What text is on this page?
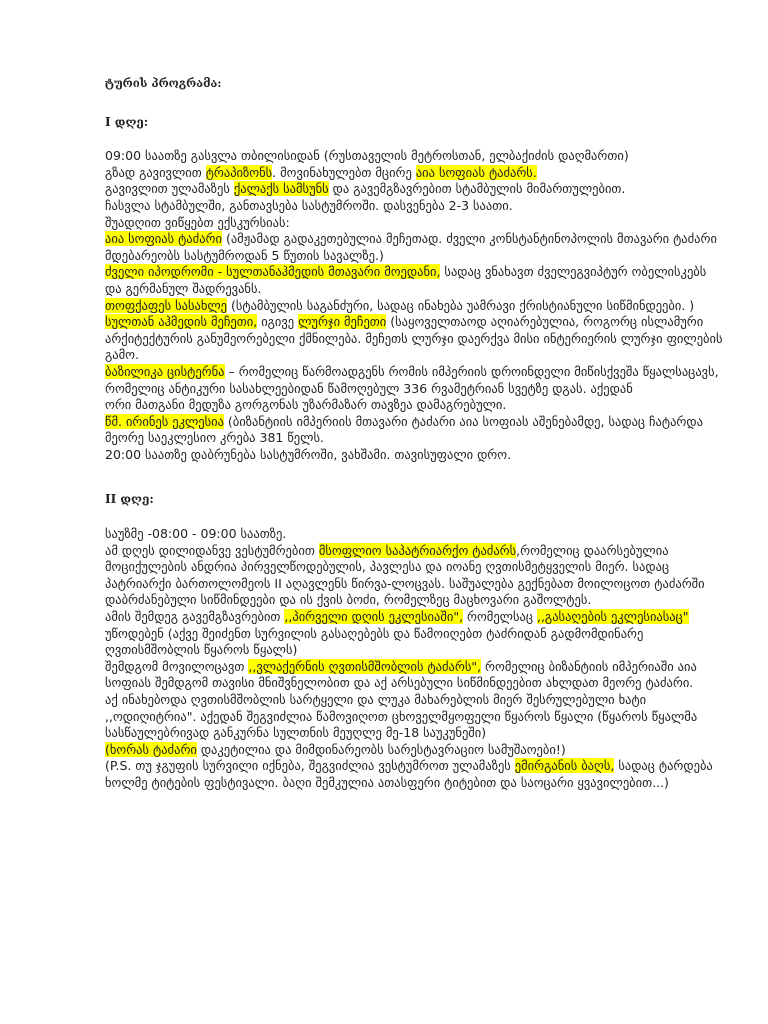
ტურის პროგრამა:
I დღე:
09:00 საათზე გასვლა თბილისიდან (რუსთაველის მეტროსთან, ელბაქიძის დაღმართი)
გზად გავივლით ტრაპიზონს. მოვინახულებთ მცირე აია სოფიას ტაძარს.
გავივლით ულამაზეს ქალაქს სამსუნს და გავემგზავრებით სტამბულის მიმართულებით.
ჩასვლა სტამბულში, განთავსება სასტუმროში. დასვენება 2-3 საათი.
შუადღით ვიწყებთ ექსკურსიას:
აია სოფიას ტაძარი (ამჟამად გადაკეთებულია მეჩეთად. ძველი კონსტანტინოპოლის მთავარი ტაძარი მდებარეობს სასტუმროდან 5 წუთის სავალზე.)
ძველი იპოდრომი - სულთანაჰმედის მთავარი მოედანი, სადაც ვნახავთ ძველეგვიპტურ ობელისკებს
და გერმანულ შადრევანს.
თოფქაფეს სასახლე (სტამბულის საგანძური, სადაც ინახება უამრავი ქრისტიანული სიწმინდეები. )
სულთან აჰმედის მეჩეთი, იგივე ლურჯი მეჩეთი (საყოველთაოდ აღიარებულია, როგორც ისლამური
არქიტექტურის განუმეორებელი ქმნილება. მეჩეთს ლურჯი დაერქვა მისი ინტერიერის ლურჯი ფილების გამო.
ბაზილიკა ცისტერნა – რომელიც წარმოადგენს რომის იმპერიის დროინდელი მიწისქვეშა წყალსაცავს, რომელიც ანტიკური სასახლეებიდან წამოღებულ 336 რვამეტრიან სვეტზე დგას. აქედან
ორი მათგანი მედუზა გორგონას უზარმაზარ თავზეა დამაგრებული.
წმ. ირინეს ეკლესია (ბიზანტიის იმპერიის მთავარი ტაძარი აია სოფიას აშენებამდე, სადაც ჩატარდა
მეორე საეკლესიო კრება 381 წელს.
20:00 საათზე დაბრუნება სასტუმროში, ვახშამი. თავისუფალი დრო.
II დღე:
საუზმე -08:00 - 09:00 საათზე.
ამ დღეს დილიდანვე ვესტუმრებით მსოფლიო საპატრიარქო ტაძარს,რომელიც დაარსებულია მოციქულების ანდრია პირველწოდებულის, პავლესა და იოანე ღვთისმეტყველის მიერ. სადაც პატრიარქი ბართოლომეოს II აღავლენს წირვა-ლოცვას. საშუალება გექნებათ მოილოცოთ ტაძარში
დაბრძანებული სიწმინდეები და ის ქვის ბოძი, რომელზეც მაცხოვარი გაშოლტეს.
ამის შემდეგ გავემგზავრებით ,,პირველი დღის ეკლესიაში", რომელსაც ,,გასაღების ეკლესიასაც"
უწოდებენ (აქვე შეიძენთ სურვილის გასაღებებს და წამოიღებთ ტაძრიდან გადმომდინარე ღვთისმშობლის წყაროს წყალს)
შემდგომ მოვილოცავთ ,,ვლაქერნის ღვთისმშობლის ტაძარს", რომელიც ბიზანტიის იმპერიაში აია
სოფიას შემდგომ თავისი მნიშვნელობით და აქ არსებული სიწმინდეებით ახლდათ მეორე ტაძარი.
აქ ინახებოდა ღვთისმშობლის სარტყელი და ლუკა მახარებლის მიერ შესრულებული ხატი ,,ოდიღიტრია". აქედან შეგვიძლია წამოვიღოთ ცხოველმყოფელი წყაროს წყალი (წყაროს წყალმა
სასწაულებრივად განკურნა სულთნის მეუღლე მე-18 საუკუნეში)
(ხორას ტაძარი დაკეტილია და მიმდინარეობს სარესტავრაციო სამუშაოები!)
(P.S. თუ ჯგუფის სურვილი იქნება, შეგვიძლია ვესტუმროთ ულამაზეს ემირგანის ბაღს, სადაც ტარდება ხოლმე ტიტების ფესტივალი. ბაღი შემკულია ათასფერი ტიტებით და საოცარი ყვავილებით...)
